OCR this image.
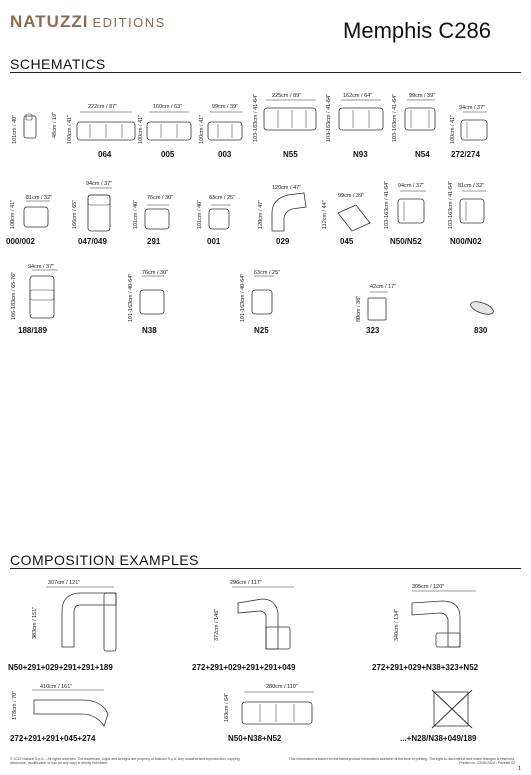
NATUZZI EDITIONS	Memphis C286
SCHEMATICS
101cm / 40"	48cm / 19" 100cm / 41"
222cm / 87"
064
100cm / 41"
160cm / 63"
005
100cm / 41"
99cm / 39"
003
103-163cm / 41-64" 225cm / 89"
N55
103-163cm / 41-64" 162cm / 64"
N93
103-163cm / 41-64" 99cm / 39"
N54
100cm / 41"
94cm / 37"
272/274
100cm / 41"
81cm / 32"
000/002
166cm / 65"
94cm / 37"
047/049
101cm / 40"
76cm / 30"
291
101cm / 40"
63cm / 25"
001
120cm / 47"
120cm / 47"
029
112cm / 44"
99cm / 39"
045
103-163cm / 41-64" 94cm / 37"
N50/N52
103-163cm / 41-64" 81cm / 32"
N00/N02
166-183cm / 65-76"
94cm / 37"
188/189
101-163cm / 40-64"
76cm / 30"
N38
101-163cm / 40-64"
63cm / 25"
N25
80cm / 38"
42cm / 17"
323	830
COMPOSITION EXAMPLES
383cm / 151"
307cm / 121"
N50+291+029+291+291+189
372cm / 146"
296cm / 117"
272+291+029+291+291+049
340cm / 134"
305cm / 120"
272+291+029+N38+323+N52
178cm / 70"
410cm / 161"
272+291+291+045+274
163cm / 64"
280cm / 110"
N50+N38+N52	...+N28/N38+049/189
© 2012 Natuzzi S.p.A. - All rights reserved. The trademark, logos and designs are property of Natuzzi S.p.A. Any unauthorized reproduction, copying, disclosure, modification or use (in any way) is strictly forbidden.
This information is based on the latest product information available at the time of printing. The right to discontinue and make changes is reserved. Printed on: 22/06/2024 - Pricelist 02
1
